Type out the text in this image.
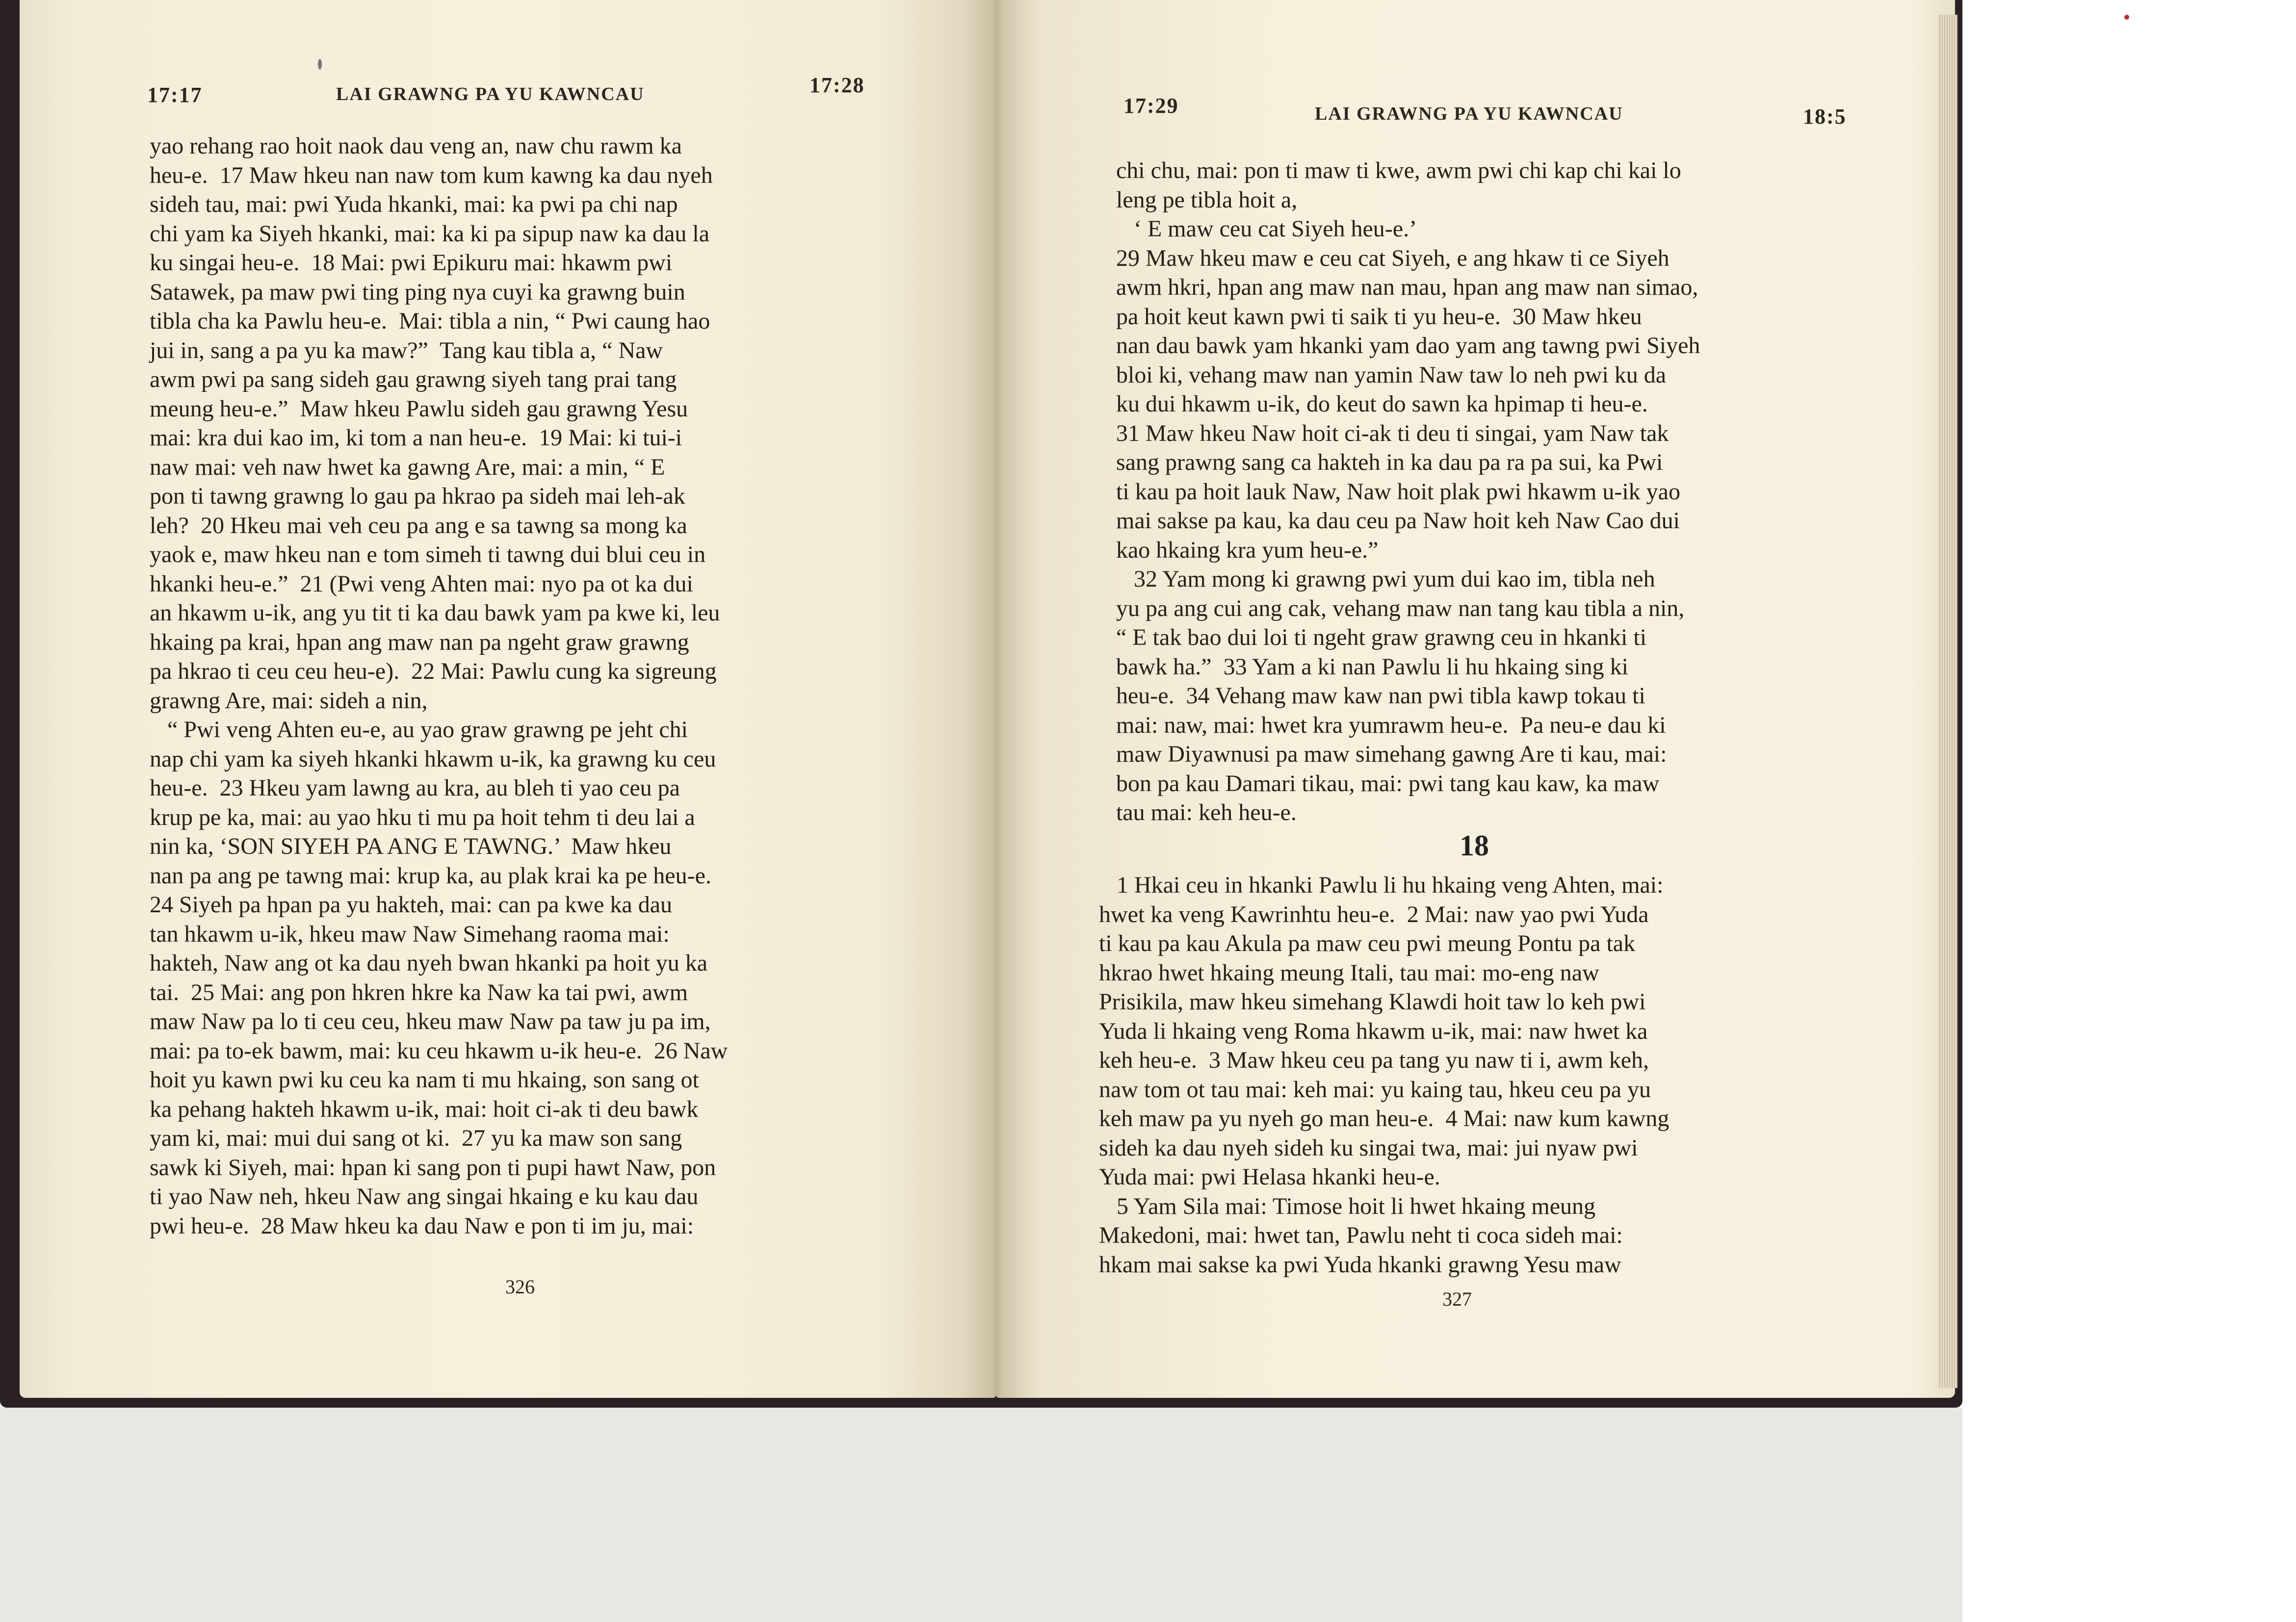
17:17	LAI GRAWNG PA YU KAWNCAU	17:28
yao rehang rao hoit naok dau veng an, naw chu rawm ka
heu-e.  17 Maw hkeu nan naw tom kum kawng ka dau nyeh
sideh tau, mai: pwi Yuda hkanki, mai: ka pwi pa chi nap
chi yam ka Siyeh hkanki, mai: ka ki pa sipup naw ka dau la
ku singai heu-e.  18 Mai: pwi Epikuru mai: hkawm pwi
Satawek, pa maw pwi ting ping nya cuyi ka grawng buin
tibla cha ka Pawlu heu-e.  Mai: tibla a nin, “ Pwi caung hao
jui in, sang a pa yu ka maw?”  Tang kau tibla a, “ Naw
awm pwi pa sang sideh gau grawng siyeh tang prai tang
meung heu-e.”  Maw hkeu Pawlu sideh gau grawng Yesu
mai: kra dui kao im, ki tom a nan heu-e.  19 Mai: ki tui-i
naw mai: veh naw hwet ka gawng Are, mai: a min, “ E
pon ti tawng grawng lo gau pa hkrao pa sideh mai leh-ak
leh?  20 Hkeu mai veh ceu pa ang e sa tawng sa mong ka
yaok e, maw hkeu nan e tom simeh ti tawng dui blui ceu in
hkanki heu-e.”  21 (Pwi veng Ahten mai: nyo pa ot ka dui
an hkawm u-ik, ang yu tit ti ka dau bawk yam pa kwe ki, leu
hkaing pa krai, hpan ang maw nan pa ngeht graw grawng
pa hkrao ti ceu ceu heu-e).  22 Mai: Pawlu cung ka sigreung
grawng Are, mai: sideh a nin,
“ Pwi veng Ahten eu-e, au yao graw grawng pe jeht chi
nap chi yam ka siyeh hkanki hkawm u-ik, ka grawng ku ceu
heu-e.  23 Hkeu yam lawng au kra, au bleh ti yao ceu pa
krup pe ka, mai: au yao hku ti mu pa hoit tehm ti deu lai a
nin ka, ‘SON SIYEH PA ANG E TAWNG.’  Maw hkeu
nan pa ang pe tawng mai: krup ka, au plak krai ka pe heu-e.
24 Siyeh pa hpan pa yu hakteh, mai: can pa kwe ka dau
tan hkawm u-ik, hkeu maw Naw Simehang raoma mai:
hakteh, Naw ang ot ka dau nyeh bwan hkanki pa hoit yu ka
tai.  25 Mai: ang pon hkren hkre ka Naw ka tai pwi, awm
maw Naw pa lo ti ceu ceu, hkeu maw Naw pa taw ju pa im,
mai: pa to-ek bawm, mai: ku ceu hkawm u-ik heu-e.  26 Naw
hoit yu kawn pwi ku ceu ka nam ti mu hkaing, son sang ot
ka pehang hakteh hkawm u-ik, mai: hoit ci-ak ti deu bawk
yam ki, mai: mui dui sang ot ki.  27 yu ka maw son sang
sawk ki Siyeh, mai: hpan ki sang pon ti pupi hawt Naw, pon
ti yao Naw neh, hkeu Naw ang singai hkaing e ku kau dau
pwi heu-e.  28 Maw hkeu ka dau Naw e pon ti im ju, mai:
326
17:29	LAI GRAWNG PA YU KAWNCAU	18:5
chi chu, mai: pon ti maw ti kwe, awm pwi chi kap chi kai lo
leng pe tibla hoit a,
‘ E maw ceu cat Siyeh heu-e.’
29 Maw hkeu maw e ceu cat Siyeh, e ang hkaw ti ce Siyeh
awm hkri, hpan ang maw nan mau, hpan ang maw nan simao,
pa hoit keut kawn pwi ti saik ti yu heu-e.  30 Maw hkeu
nan dau bawk yam hkanki yam dao yam ang tawng pwi Siyeh
bloi ki, vehang maw nan yamin Naw taw lo neh pwi ku da
ku dui hkawm u-ik, do keut do sawn ka hpimap ti heu-e.
31 Maw hkeu Naw hoit ci-ak ti deu ti singai, yam Naw tak
sang prawng sang ca hakteh in ka dau pa ra pa sui, ka Pwi
ti kau pa hoit lauk Naw, Naw hoit plak pwi hkawm u-ik yao
mai sakse pa kau, ka dau ceu pa Naw hoit keh Naw Cao dui
kao hkaing kra yum heu-e.”
32 Yam mong ki grawng pwi yum dui kao im, tibla neh
yu pa ang cui ang cak, vehang maw nan tang kau tibla a nin,
“ E tak bao dui loi ti ngeht graw grawng ceu in hkanki ti
bawk ha.”  33 Yam a ki nan Pawlu li hu hkaing sing ki
heu-e.  34 Vehang maw kaw nan pwi tibla kawp tokau ti
mai: naw, mai: hwet kra yumrawm heu-e.  Pa neu-e dau ki
maw Diyawnusi pa maw simehang gawng Are ti kau, mai:
bon pa kau Damari tikau, mai: pwi tang kau kaw, ka maw
tau mai: keh heu-e.
18
1 Hkai ceu in hkanki Pawlu li hu hkaing veng Ahten, mai:
hwet ka veng Kawrinhtu heu-e.  2 Mai: naw yao pwi Yuda
ti kau pa kau Akula pa maw ceu pwi meung Pontu pa tak
hkrao hwet hkaing meung Itali, tau mai: mo-eng naw
Prisikila, maw hkeu simehang Klawdi hoit taw lo keh pwi
Yuda li hkaing veng Roma hkawm u-ik, mai: naw hwet ka
keh heu-e.  3 Maw hkeu ceu pa tang yu naw ti i, awm keh,
naw tom ot tau mai: keh mai: yu kaing tau, hkeu ceu pa yu
keh maw pa yu nyeh go man heu-e.  4 Mai: naw kum kawng
sideh ka dau nyeh sideh ku singai twa, mai: jui nyaw pwi
Yuda mai: pwi Helasa hkanki heu-e.
5 Yam Sila mai: Timose hoit li hwet hkaing meung
Makedoni, mai: hwet tan, Pawlu neht ti coca sideh mai:
hkam mai sakse ka pwi Yuda hkanki grawng Yesu maw
327
